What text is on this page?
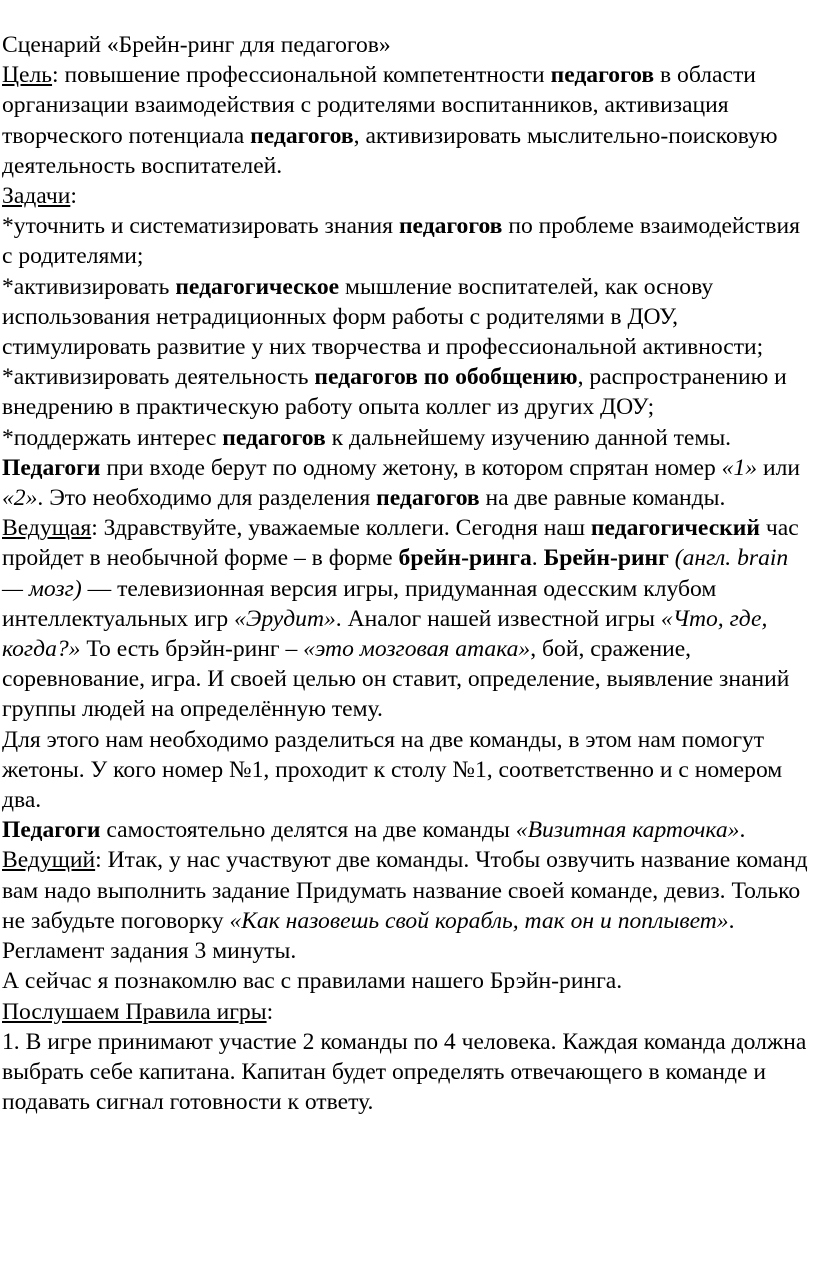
Сценарий «Брейн-ринг для педагогов»

Цель: повышение профессиональной компетентности педагогов в области организации взаимодействия с родителями воспитанников, активизация творческого потенциала педагогов, активизировать мыслительно-поисковую деятельность воспитателей.

Задачи:

*уточнить и систематизировать знания педагогов по проблеме взаимодействия с родителями;

*активизировать педагогическое мышление воспитателей, как основу использования нетрадиционных форм работы с родителями в ДОУ, стимулировать развитие у них творчества и профессиональной активности;

*активизировать деятельность педагогов по обобщению, распространению и внедрению в практическую работу опыта коллег из других ДОУ;

*поддержать интерес педагогов к дальнейшему изучению данной темы.

Педагоги при входе берут по одному жетону, в котором спрятан номер «1» или «2». Это необходимо для разделения педагогов на две равные команды.

Ведущая: Здравствуйте, уважаемые коллеги. Сегодня наш педагогический час пройдет в необычной форме – в форме брейн-ринга. Брейн-ринг (англ. brain — мозг) — телевизионная версия игры, придуманная одесским клубом интеллектуальных игр «Эрудит». Аналог нашей известной игры «Что, где, когда?» То есть брэйн-ринг – «это мозговая атака», бой, сражение, соревнование, игра. И своей целью он ставит, определение, выявление знаний группы людей на определённую тему.

Для этого нам необходимо разделиться на две команды, в этом нам помогут жетоны. У кого номер №1, проходит к столу №1, соответственно и с номером два.

Педагоги самостоятельно делятся на две команды «Визитная карточка». Ведущий: Итак, у нас участвуют две команды. Чтобы озвучить название команд вам надо выполнить задание Придумать название своей команде, девиз. Только не забудьте поговорку «Как назовешь свой корабль, так он и поплывет». Регламент задания 3 минуты.

А сейчас я познакомлю вас с правилами нашего Брэйн-ринга.

Послушаем Правила игры:

1. В игре принимают участие 2 команды по 4 человека. Каждая команда должна выбрать себе капитана. Капитан будет определять отвечающего в команде и подавать сигнал готовности к ответу.
